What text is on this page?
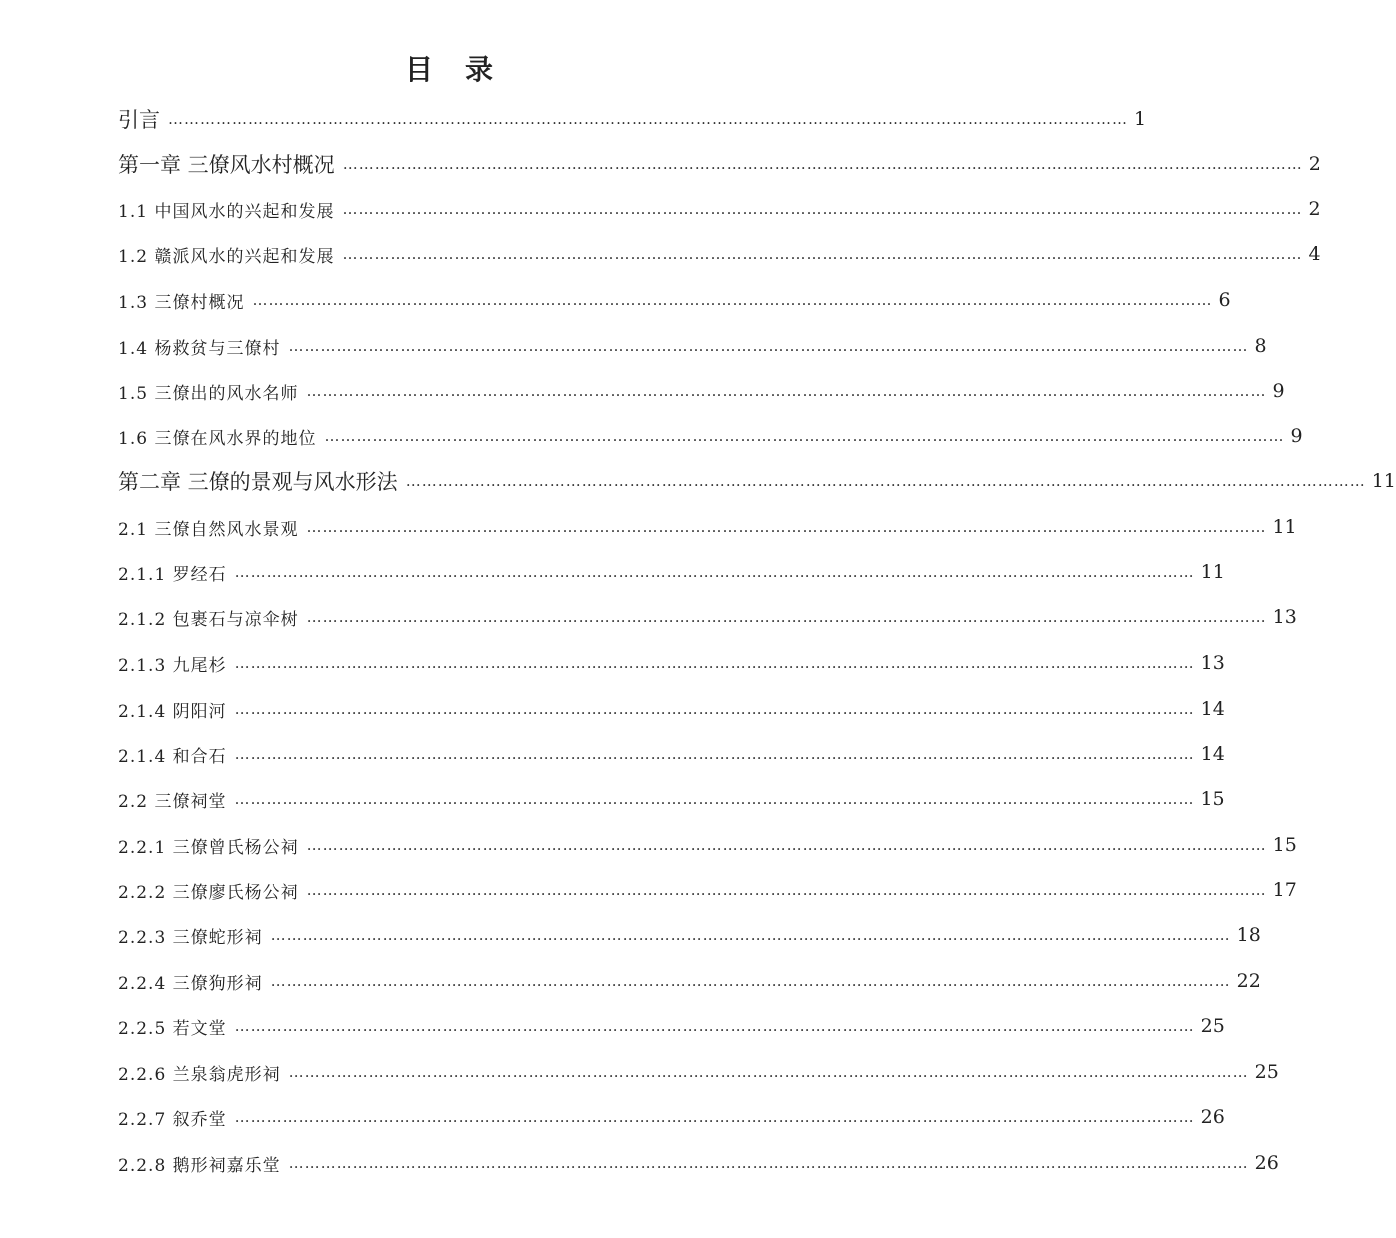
目　录
引言 ……………………………………………………………………………………………………………………………………………………………… 1
第一章 三僚风水村概况 ……………………………………………………………………………………………………………………………………………………………… 2
1.1 中国风水的兴起和发展 ……………………………………………………………………………………………………………………………………………………………… 2
1.2 赣派风水的兴起和发展 ……………………………………………………………………………………………………………………………………………………………… 4
1.3 三僚村概况 ……………………………………………………………………………………………………………………………………………………………… 6
1.4 杨救贫与三僚村 ……………………………………………………………………………………………………………………………………………………………… 8
1.5 三僚出的风水名师 ……………………………………………………………………………………………………………………………………………………………… 9
1.6 三僚在风水界的地位 ……………………………………………………………………………………………………………………………………………………………… 9
第二章 三僚的景观与风水形法 ……………………………………………………………………………………………………………………………………………………………… 11
2.1 三僚自然风水景观 ……………………………………………………………………………………………………………………………………………………………… 11
2.1.1 罗经石 ……………………………………………………………………………………………………………………………………………………………… 11
2.1.2 包裹石与凉伞树 ……………………………………………………………………………………………………………………………………………………………… 13
2.1.3 九尾杉 ……………………………………………………………………………………………………………………………………………………………… 13
2.1.4 阴阳河 ……………………………………………………………………………………………………………………………………………………………… 14
2.1.4 和合石 ……………………………………………………………………………………………………………………………………………………………… 14
2.2 三僚祠堂 ……………………………………………………………………………………………………………………………………………………………… 15
2.2.1 三僚曾氏杨公祠 ……………………………………………………………………………………………………………………………………………………………… 15
2.2.2 三僚廖氏杨公祠 ……………………………………………………………………………………………………………………………………………………………… 17
2.2.3 三僚蛇形祠 ……………………………………………………………………………………………………………………………………………………………… 18
2.2.4 三僚狗形祠 ……………………………………………………………………………………………………………………………………………………………… 22
2.2.5 若文堂 ……………………………………………………………………………………………………………………………………………………………… 25
2.2.6 兰泉翁虎形祠 ……………………………………………………………………………………………………………………………………………………………… 25
2.2.7 叙乔堂 ……………………………………………………………………………………………………………………………………………………………… 26
2.2.8 鹅形祠嘉乐堂 ……………………………………………………………………………………………………………………………………………………………… 26
